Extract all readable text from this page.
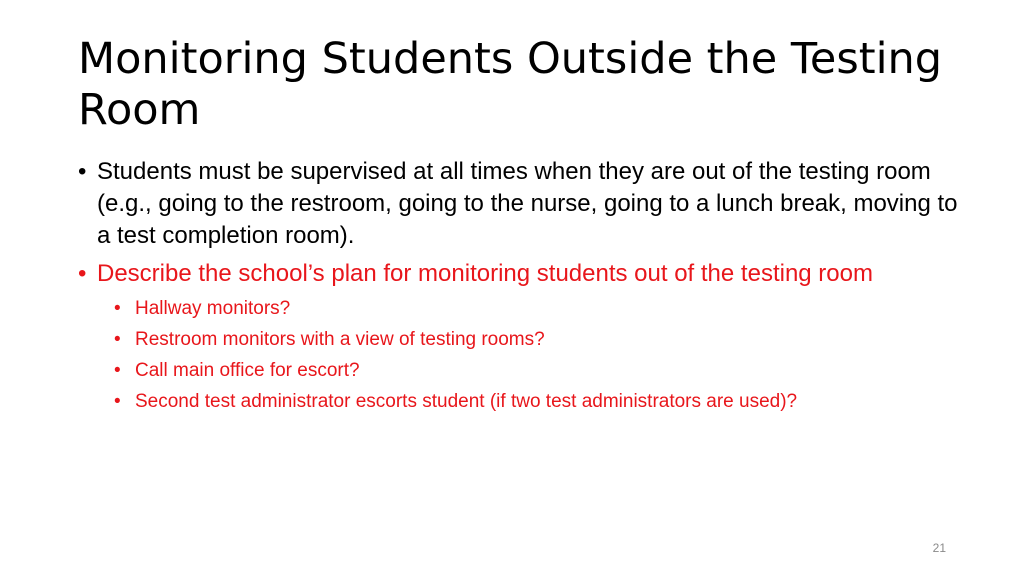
Monitoring Students Outside the Testing Room
• Students must be supervised at all times when they are out of the testing room (e.g., going to the restroom, going to the nurse, going to a lunch break, moving to a test completion room).
• Describe the school’s plan for monitoring students out of the testing room
• Hallway monitors?
• Restroom monitors with a view of testing rooms?
• Call main office for escort?
• Second test administrator escorts student (if two test administrators are used)?
21
